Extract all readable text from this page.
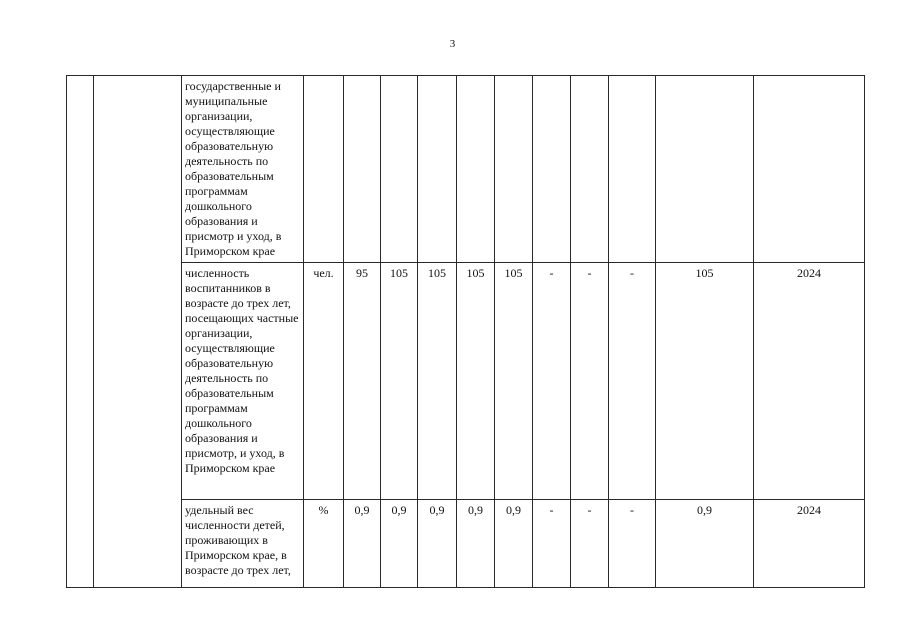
3
		государственные и муниципальные организации, осуществляющие образовательную деятельность по образовательным программам дошкольного образования и присмотр и уход, в Приморском крае											
		численность воспитанников в возрасте до трех лет, посещающих частные организации, осуществляющие образовательную деятельность по образовательным программам дошкольного образования и присмотр, и уход, в Приморском крае	чел.	95	105	105	105	105	-	-	-	105	2024
		удельный вес численности детей, проживающих в Приморском крае, в возрасте до трех лет,	%	0,9	0,9	0,9	0,9	0,9	-	-	-	0,9	2024
